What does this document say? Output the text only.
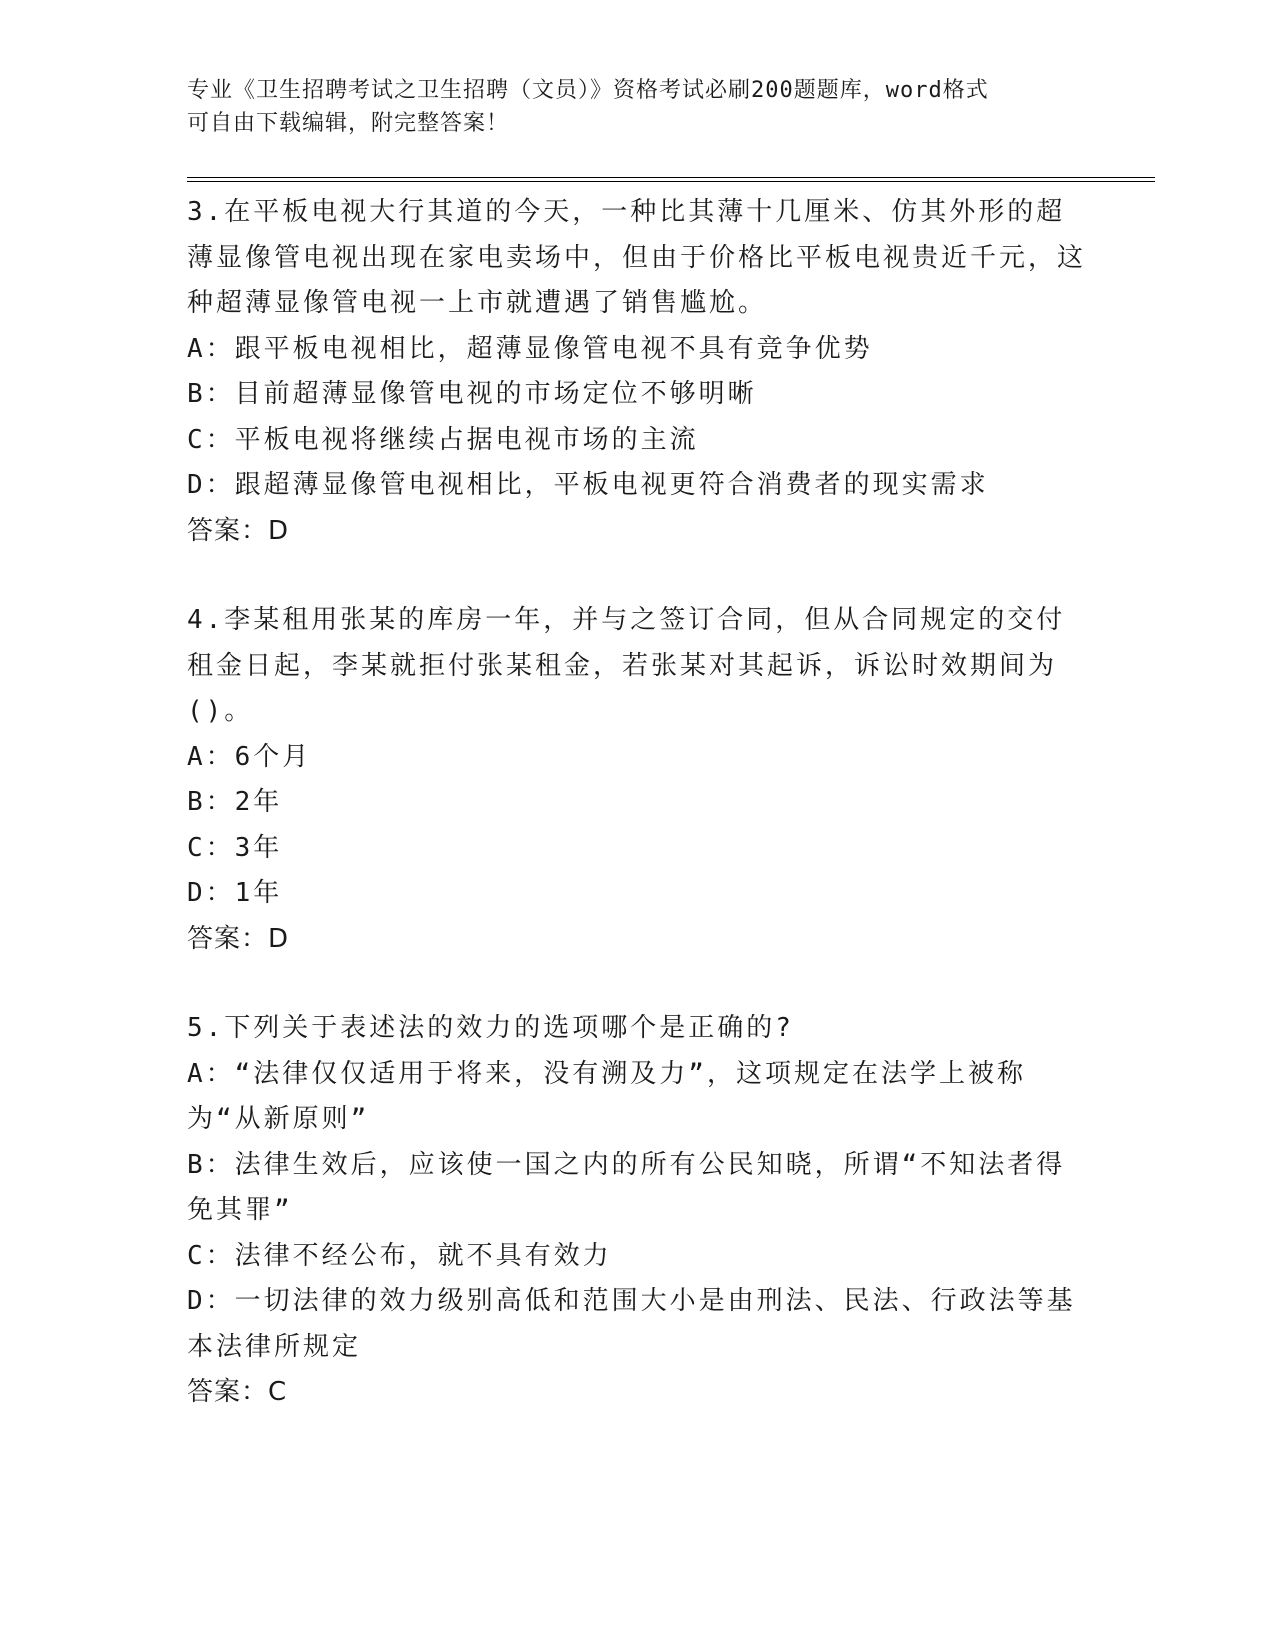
专业《卫生招聘考试之卫生招聘（文员）》资格考试必刷200题题库，word格式
可自由下载编辑，附完整答案！
3.在平板电视大行其道的今天，一种比其薄十几厘米、仿其外形的超薄显像管电视出现在家电卖场中，但由于价格比平板电视贵近千元，这种超薄显像管电视一上市就遭遇了销售尴尬。
A：跟平板电视相比，超薄显像管电视不具有竞争优势
B：目前超薄显像管电视的市场定位不够明晰
C：平板电视将继续占据电视市场的主流
D：跟超薄显像管电视相比，平板电视更符合消费者的现实需求
答案：D
4.李某租用张某的库房一年，并与之签订合同，但从合同规定的交付租金日起，李某就拒付张某租金，若张某对其起诉，诉讼时效期间为()。
A：6个月
B：2年
C：3年
D：1年
答案：D
5.下列关于表述法的效力的选项哪个是正确的?
A：“法律仅仅适用于将来，没有溯及力”，这项规定在法学上被称为“从新原则”
B：法律生效后，应该使一国之内的所有公民知晓，所谓“不知法者得免其罪”
C：法律不经公布，就不具有效力
D：一切法律的效力级别高低和范围大小是由刑法、民法、行政法等基本法律所规定
答案：C
